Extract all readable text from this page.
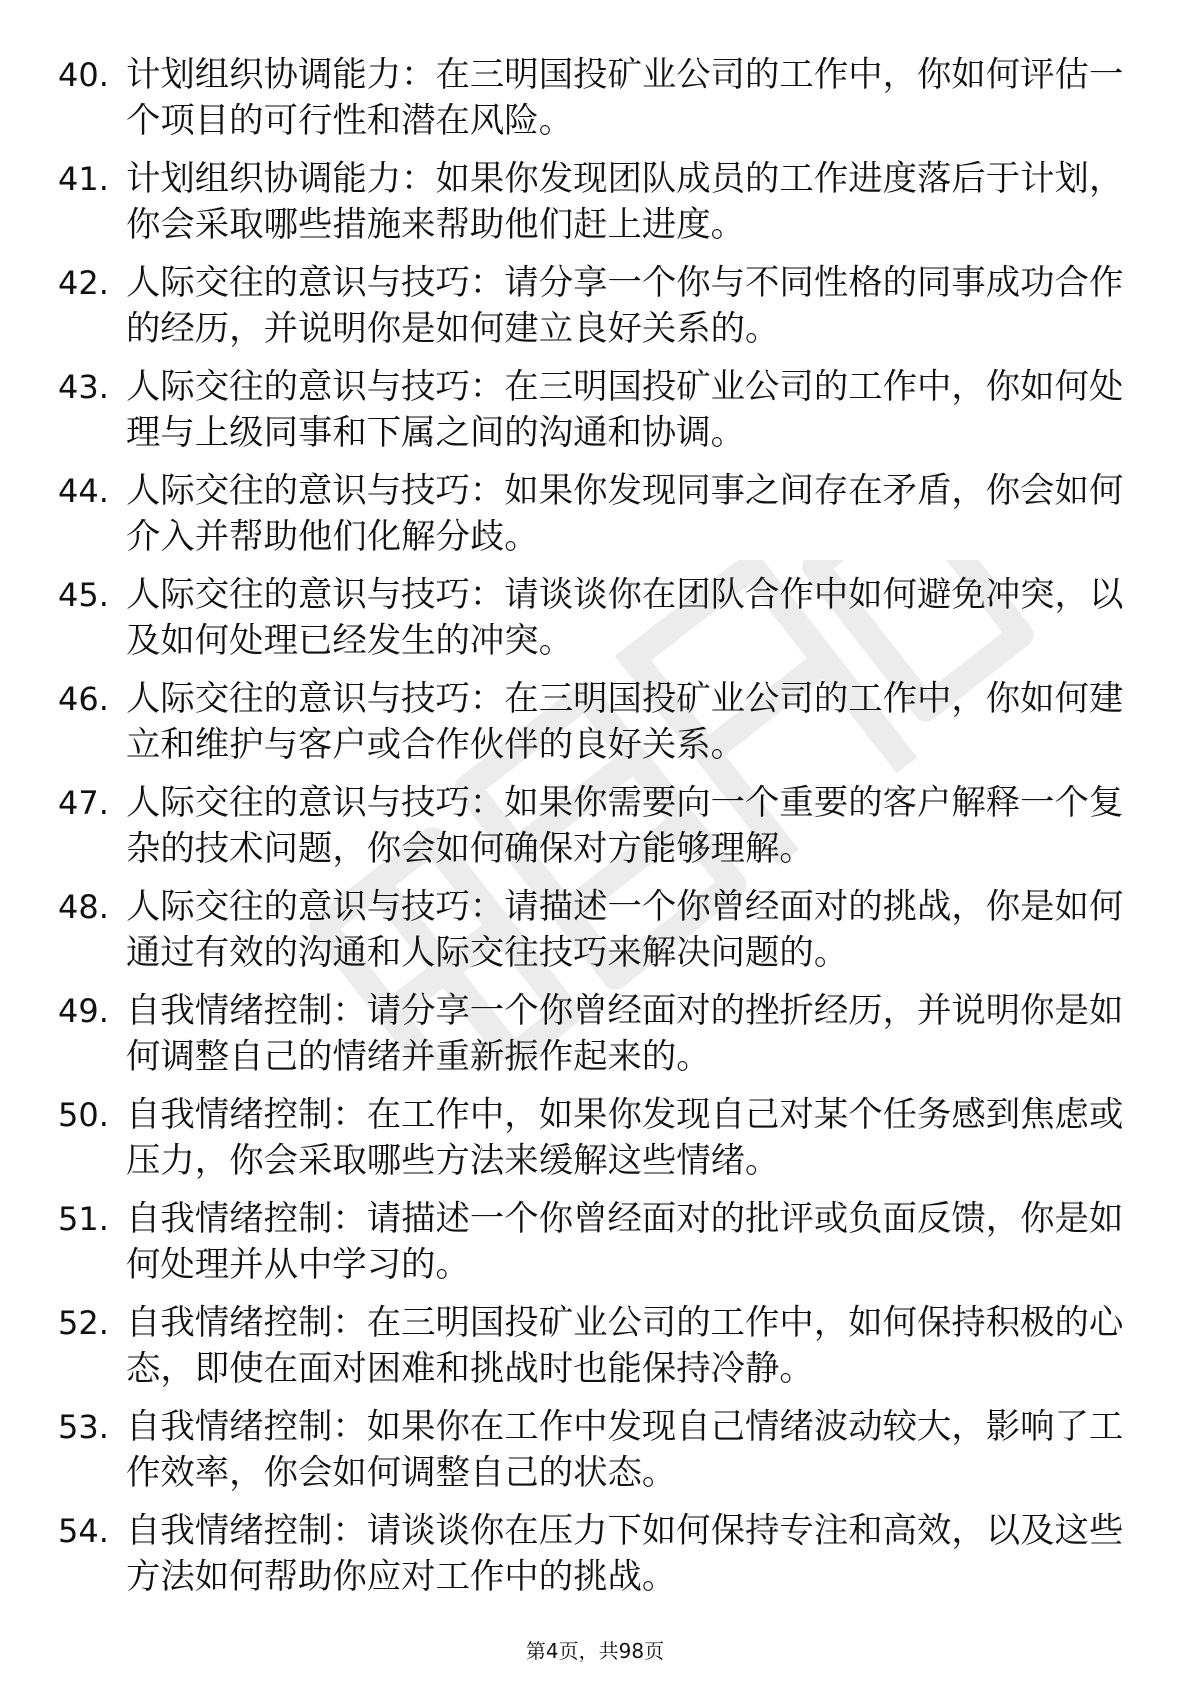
40. 计划组织协调能力：在三明国投矿业公司的工作中，你如何评估一个项目的可行性和潜在风险。

41. 计划组织协调能力：如果你发现团队成员的工作进度落后于计划，你会采取哪些措施来帮助他们赶上进度。

42. 人际交往的意识与技巧：请分享一个你与不同性格的同事成功合作的经历，并说明你是如何建立良好关系的。

43. 人际交往的意识与技巧：在三明国投矿业公司的工作中，你如何处理与上级同事和下属之间的沟通和协调。

44. 人际交往的意识与技巧：如果你发现同事之间存在矛盾，你会如何介入并帮助他们化解分歧。

45. 人际交往的意识与技巧：请谈谈你在团队合作中如何避免冲突，以及如何处理已经发生的冲突。

46. 人际交往的意识与技巧：在三明国投矿业公司的工作中，你如何建立和维护与客户或合作伙伴的良好关系。

47. 人际交往的意识与技巧：如果你需要向一个重要的客户解释一个复杂的技术问题，你会如何确保对方能够理解。

48. 人际交往的意识与技巧：请描述一个你曾经面对的挑战，你是如何通过有效的沟通和人际交往技巧来解决问题的。

49. 自我情绪控制：请分享一个你曾经面对的挫折经历，并说明你是如何调整自己的情绪并重新振作起来的。

50. 自我情绪控制：在工作中，如果你发现自己对某个任务感到焦虑或压力，你会采取哪些方法来缓解这些情绪。

51. 自我情绪控制：请描述一个你曾经面对的批评或负面反馈，你是如何处理并从中学习的。

52. 自我情绪控制：在三明国投矿业公司的工作中，如何保持积极的心态，即使在面对困难和挑战时也能保持冷静。

53. 自我情绪控制：如果你在工作中发现自己情绪波动较大，影响了工作效率，你会如何调整自己的状态。

54. 自我情绪控制：请谈谈你在压力下如何保持专注和高效，以及这些方法如何帮助你应对工作中的挑战。

第4页，共98页
